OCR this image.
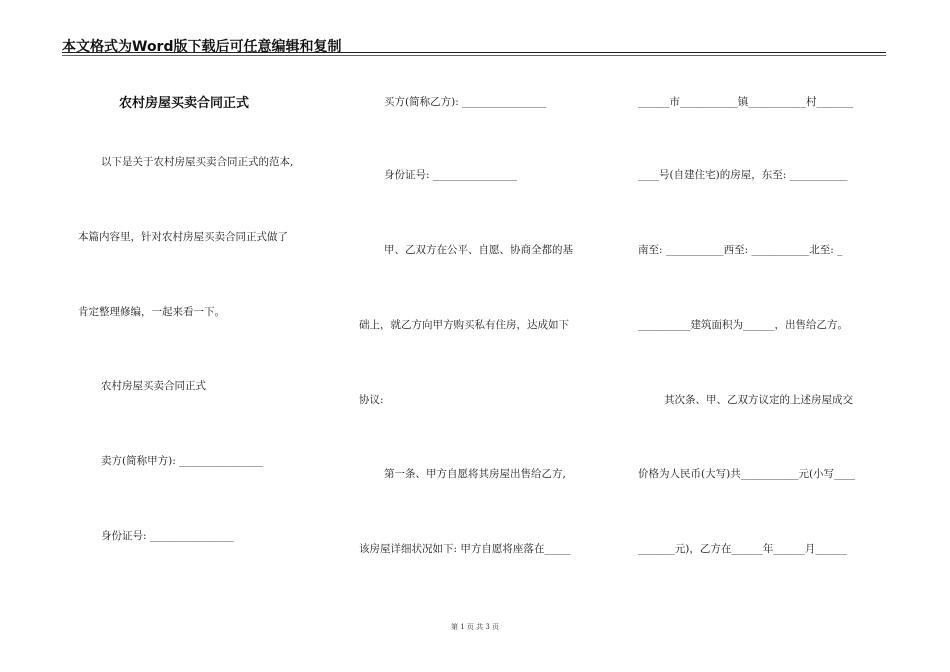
本文格式为Word版下载后可任意编辑和复制
农村房屋买卖合同正式
以下是关于农村房屋买卖合同正式的范本,
本篇内容里，针对农村房屋买卖合同正式做了
肯定整理修编，一起来看一下。
农村房屋买卖合同正式
卖方(简称甲方): ________________
身份证号: ________________
买方(简称乙方): ________________
身份证号: ________________
甲、乙双方在公平、自愿、协商全都的基
础上，就乙方向甲方购买私有住房，达成如下
协议:
第一条、甲方自愿将其房屋出售给乙方,
该房屋详细状况如下: 甲方自愿将座落在_____
______市___________镇___________村_______
____号(自建住宅)的房屋，东至: ___________
南至: ___________西至: ___________北至: _
__________建筑面积为______，出售给乙方。
其次条、甲、乙双方议定的上述房屋成交
价格为人民币(大写)共___________元(小写____
_______元)，乙方在______年______月______
第 1 页 共 3 页
